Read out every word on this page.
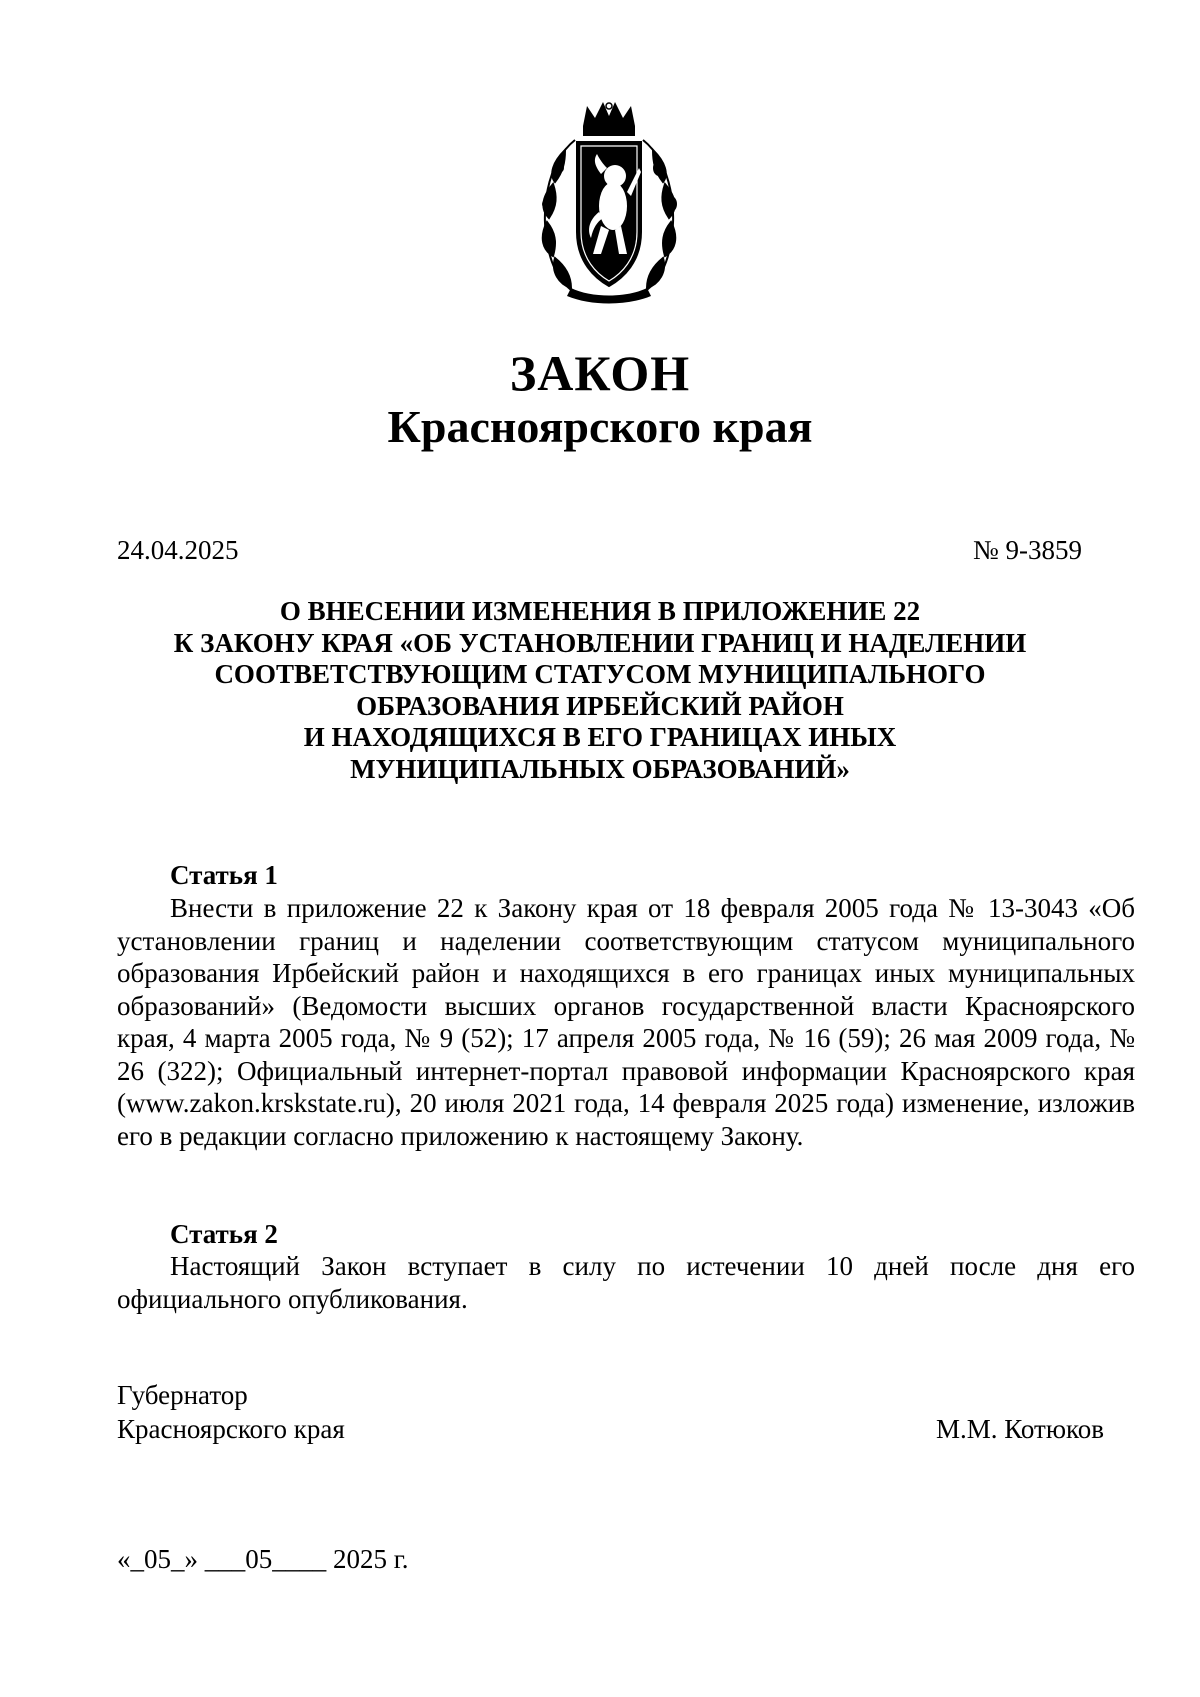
ЗАКОН
Красноярского края
24.04.2025	№ 9-3859
О ВНЕСЕНИИ ИЗМЕНЕНИЯ В ПРИЛОЖЕНИЕ 22
К ЗАКОНУ КРАЯ «ОБ УСТАНОВЛЕНИИ ГРАНИЦ И НАДЕЛЕНИИ
СООТВЕТСТВУЮЩИМ СТАТУСОМ МУНИЦИПАЛЬНОГО
ОБРАЗОВАНИЯ ИРБЕЙСКИЙ РАЙОН
И НАХОДЯЩИХСЯ В ЕГО ГРАНИЦАХ ИНЫХ
МУНИЦИПАЛЬНЫХ ОБРАЗОВАНИЙ»
Статья 1

Внести в приложение 22 к Закону края от 18 февраля 2005 года № 13-3043 «Об установлении границ и наделении соответствующим статусом муниципального образования Ирбейский район и находящихся в его границах иных муниципальных образований» (Ведомости высших органов государственной власти Красноярского края, 4 марта 2005 года, № 9 (52); 17 апреля 2005 года, № 16 (59); 26 мая 2009 года, № 26 (322); Официальный интернет-портал правовой информации Красноярского края (www.zakon.krskstate.ru), 20 июля 2021 года, 14 февраля 2025 года) изменение, изложив его в редакции согласно приложению к настоящему Закону.

Статья 2

Настоящий Закон вступает в силу по истечении 10 дней после дня его официального опубликования.

Губернатор
Красноярского края	М.М. Котюков
«_05_» ___05____ 2025 г.
